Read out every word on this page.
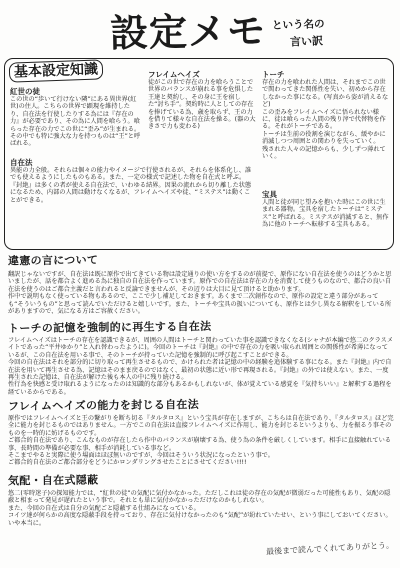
設定メモ という名の
言い訳
基本設定知識
紅世の徒

この世の“歩いて行けない隣”にある異世界(紅世)の住人。こちらの世界で顕現を維持したり、自在法を行使したりする為には『存在の力』が必要であり、その為に人間を喰らう。喰らった存在の力でこの世に“歪み”が生まれる。その中でも特に強大な力を持つものは“王”と呼ばれる。

自在法

異能の力全般。それらは個々の能力やイメージで行使されるが、それらを体系化し、誰でも使えるようにしたものもある。また、一定の様式で記述した物を自在式と呼ぶ。

『封絶』は多くの者が使える自在法で、いわゆる結界。因果の流れから切り離した状態になるため、内部の人間は動けなくなるが、フレイムヘイズや徒、“ミステス”は動くことができる。

フレイムヘイズ

徒がこの世で存在の力を喰らうことで世界のバランスが崩れる事を危惧した王達と契約し、その身に王を宿した“討ち手”。契約時に人としての存在を捧げている為、歳を取らず、王の力を借りて様々な自在法を操る。(器の大きさで力も変わる)

トーチ

存在の力を喰われた人間は、それまでこの世で関わってきた関係性を失い、初めから存在しなかった事になる。(写真から姿が消えるなど)

この歪みをフレイムヘイズに悟られない様に、徒は喰らった人間の残り滓で代替物を作る。それがトーチである。

トーチは生前の役割を演じながら、緩やかに消滅しつつ周囲との関わりを失っていく。

残された人々の記憶からも、少しずつ薄れていく。

宝具

人間と徒が同じ望みを抱いた時にこの世に生まれる器物。宝具を宿したトーチは“ミステス”と呼ばれる。ミステスが消滅すると、無作為に他のトーチへ転移する宝具もある。

違憲の言について

翻訳じゃないですが、自在法は既に原作で出てきている物は設定通りの使い方をするのが前提で、原作にない自在法を使うのはどうかと思いましたが、話を都合よく進める為に独自の自在法を作っています。原作での自在法は存在の力を消費して使うものなので、都合の良い自在法を使うのはご都合主義だと言われると反論できませんが、その辺りは大目に見て頂けると助かります。

作中で説明もなく使っている物もあるので、ここで少し補足しておきます。あくまで二次創作なので、原作の設定と違う部分があっても“そういうもの”と思って読んでいただけると嬉しいです。また、トーチや宝具の扱いについても、原作とは少し異なる解釈をしている所がありますので、気になる方はご容赦ください。

トーチの記憶を強制的に再生する自在法

フレイムヘイズはトーチの存在を認識できるが、周囲の人間はトーチと関わっていた事を認識できなくなる(シャナが本編で悠二のクラスメイトであった“平井ゆかり”と入れ替わったように)。今回のトーチは『封絶』の中で存在の力を吸い取られ周囲との関係性が希薄になっているが、この自在法を用いる事で、そのトーチが持っていた記憶を強制的に呼び起こすことができる。

今回の自在法はそれを部分的に切り取って再生させるもので、かけられた者は記憶の中の経験を追体験する事になる。また『封絶』内で自在法を用いて再生させる為、記憶はそのまま戻るのではなく、最初の状態に近い形で再現される。『封絶』の外では使えない。また、一度再生された記憶は、自在法が解けた後も本人の中に残り続ける。

性行為を快感と受け取れるようになったのは知識的な部分もあるかもしれないが、体が覚えている感覚を『気持ちいい』と解釈する過程を経ているからである。

フレイムヘイズの能力を封じる自在法

原作ではフレイムヘイズと王の繋がりを断ち切る『タルタロス』という宝具が存在しますが、こちらは自在法であり、『タルタロス』ほど完全に能力を封じるものではありません。一方でこの自在法は直接フレイムヘイズに作用し、能力を封じるというよりも、力を振るう事そのものを一時的に妨げるものです。

ご都合的自在法であり、こんなものが存在したら作中のバランスが崩壊する為、使う為の条件を厳しくしています。相手に直接触れている事、長時間の準備が必要な事、相手が消耗している事など。

そこまでやると実際に使う場面はほぼ無いのですが、今回はそういう状況になったという事で。

ご都合的自在法のご都合部分をどうにかロンダリングさせたことにさせてください!!!!

気配・自在式隠蔽

悠二(零時迷子)の探知能力では、“紅世の徒”の気配に気付かなかった。ただしこれは徒の存在の気配が微弱だった可能性もあり、気配の隠蔽と相まって発見が遅れたという事で。それとも単に気付かなかっただけなのかもしれない。

また、今回の自在式は自分の気配ごと隠蔽する仕組みになっている。

コイツ達が何らかの高度な隠蔽手段を持っており、存在に気付けなかったのも“気配”が紛れていたせい、という事にしておいてください。いや本当に。

最後まで読んでくれてありがとう。
